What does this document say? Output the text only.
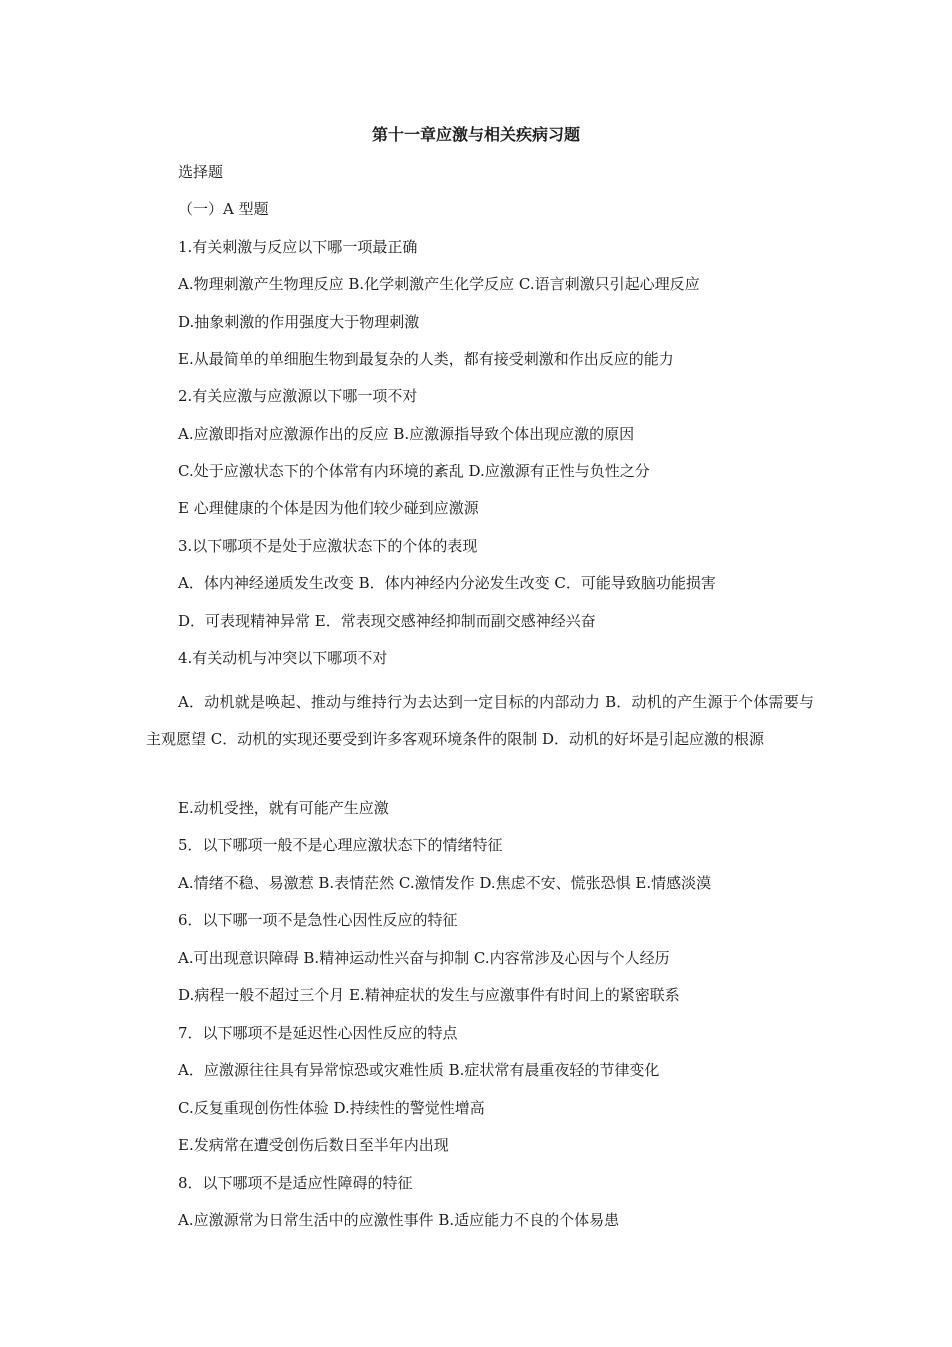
第十一章应激与相关疾病习题
选择题
（一）A 型题
1.有关刺激与反应以下哪一项最正确
A.物理刺激产生物理反应 B.化学刺激产生化学反应 C.语言刺激只引起心理反应
D.抽象刺激的作用强度大于物理刺激
E.从最简单的单细胞生物到最复杂的人类，都有接受刺激和作出反应的能力
2.有关应激与应激源以下哪一项不对
A.应激即指对应激源作出的反应 B.应激源指导致个体出现应激的原因
C.处于应激状态下的个体常有内环境的紊乱 D.应激源有正性与负性之分
E 心理健康的个体是因为他们较少碰到应激源
3.以下哪项不是处于应激状态下的个体的表现
A．体内神经递质发生改变 B．体内神经内分泌发生改变 C．可能导致脑功能损害
D．可表现精神异常 E．常表现交感神经抑制而副交感神经兴奋
4.有关动机与冲突以下哪项不对

A．动机就是唤起、推动与维持行为去达到一定目标的内部动力 B．动机的产生源于个体需要与主观愿望 C．动机的实现还要受到许多客观环境条件的限制 D．动机的好坏是引起应激的根源

E.动机受挫，就有可能产生应激
5．以下哪项一般不是心理应激状态下的情绪特征
A.情绪不稳、易激惹 B.表情茫然 C.激情发作 D.焦虑不安、慌张恐惧 E.情感淡漠
6．以下哪一项不是急性心因性反应的特征
A.可出现意识障碍 B.精神运动性兴奋与抑制 C.内容常涉及心因与个人经历
D.病程一般不超过三个月 E.精神症状的发生与应激事件有时间上的紧密联系
7．以下哪项不是延迟性心因性反应的特点
A．应激源往往具有异常惊恐或灾难性质 B.症状常有晨重夜轻的节律变化
C.反复重现创伤性体验 D.持续性的警觉性增高
E.发病常在遭受创伤后数日至半年内出现
8．以下哪项不是适应性障碍的特征
A.应激源常为日常生活中的应激性事件 B.适应能力不良的个体易患
